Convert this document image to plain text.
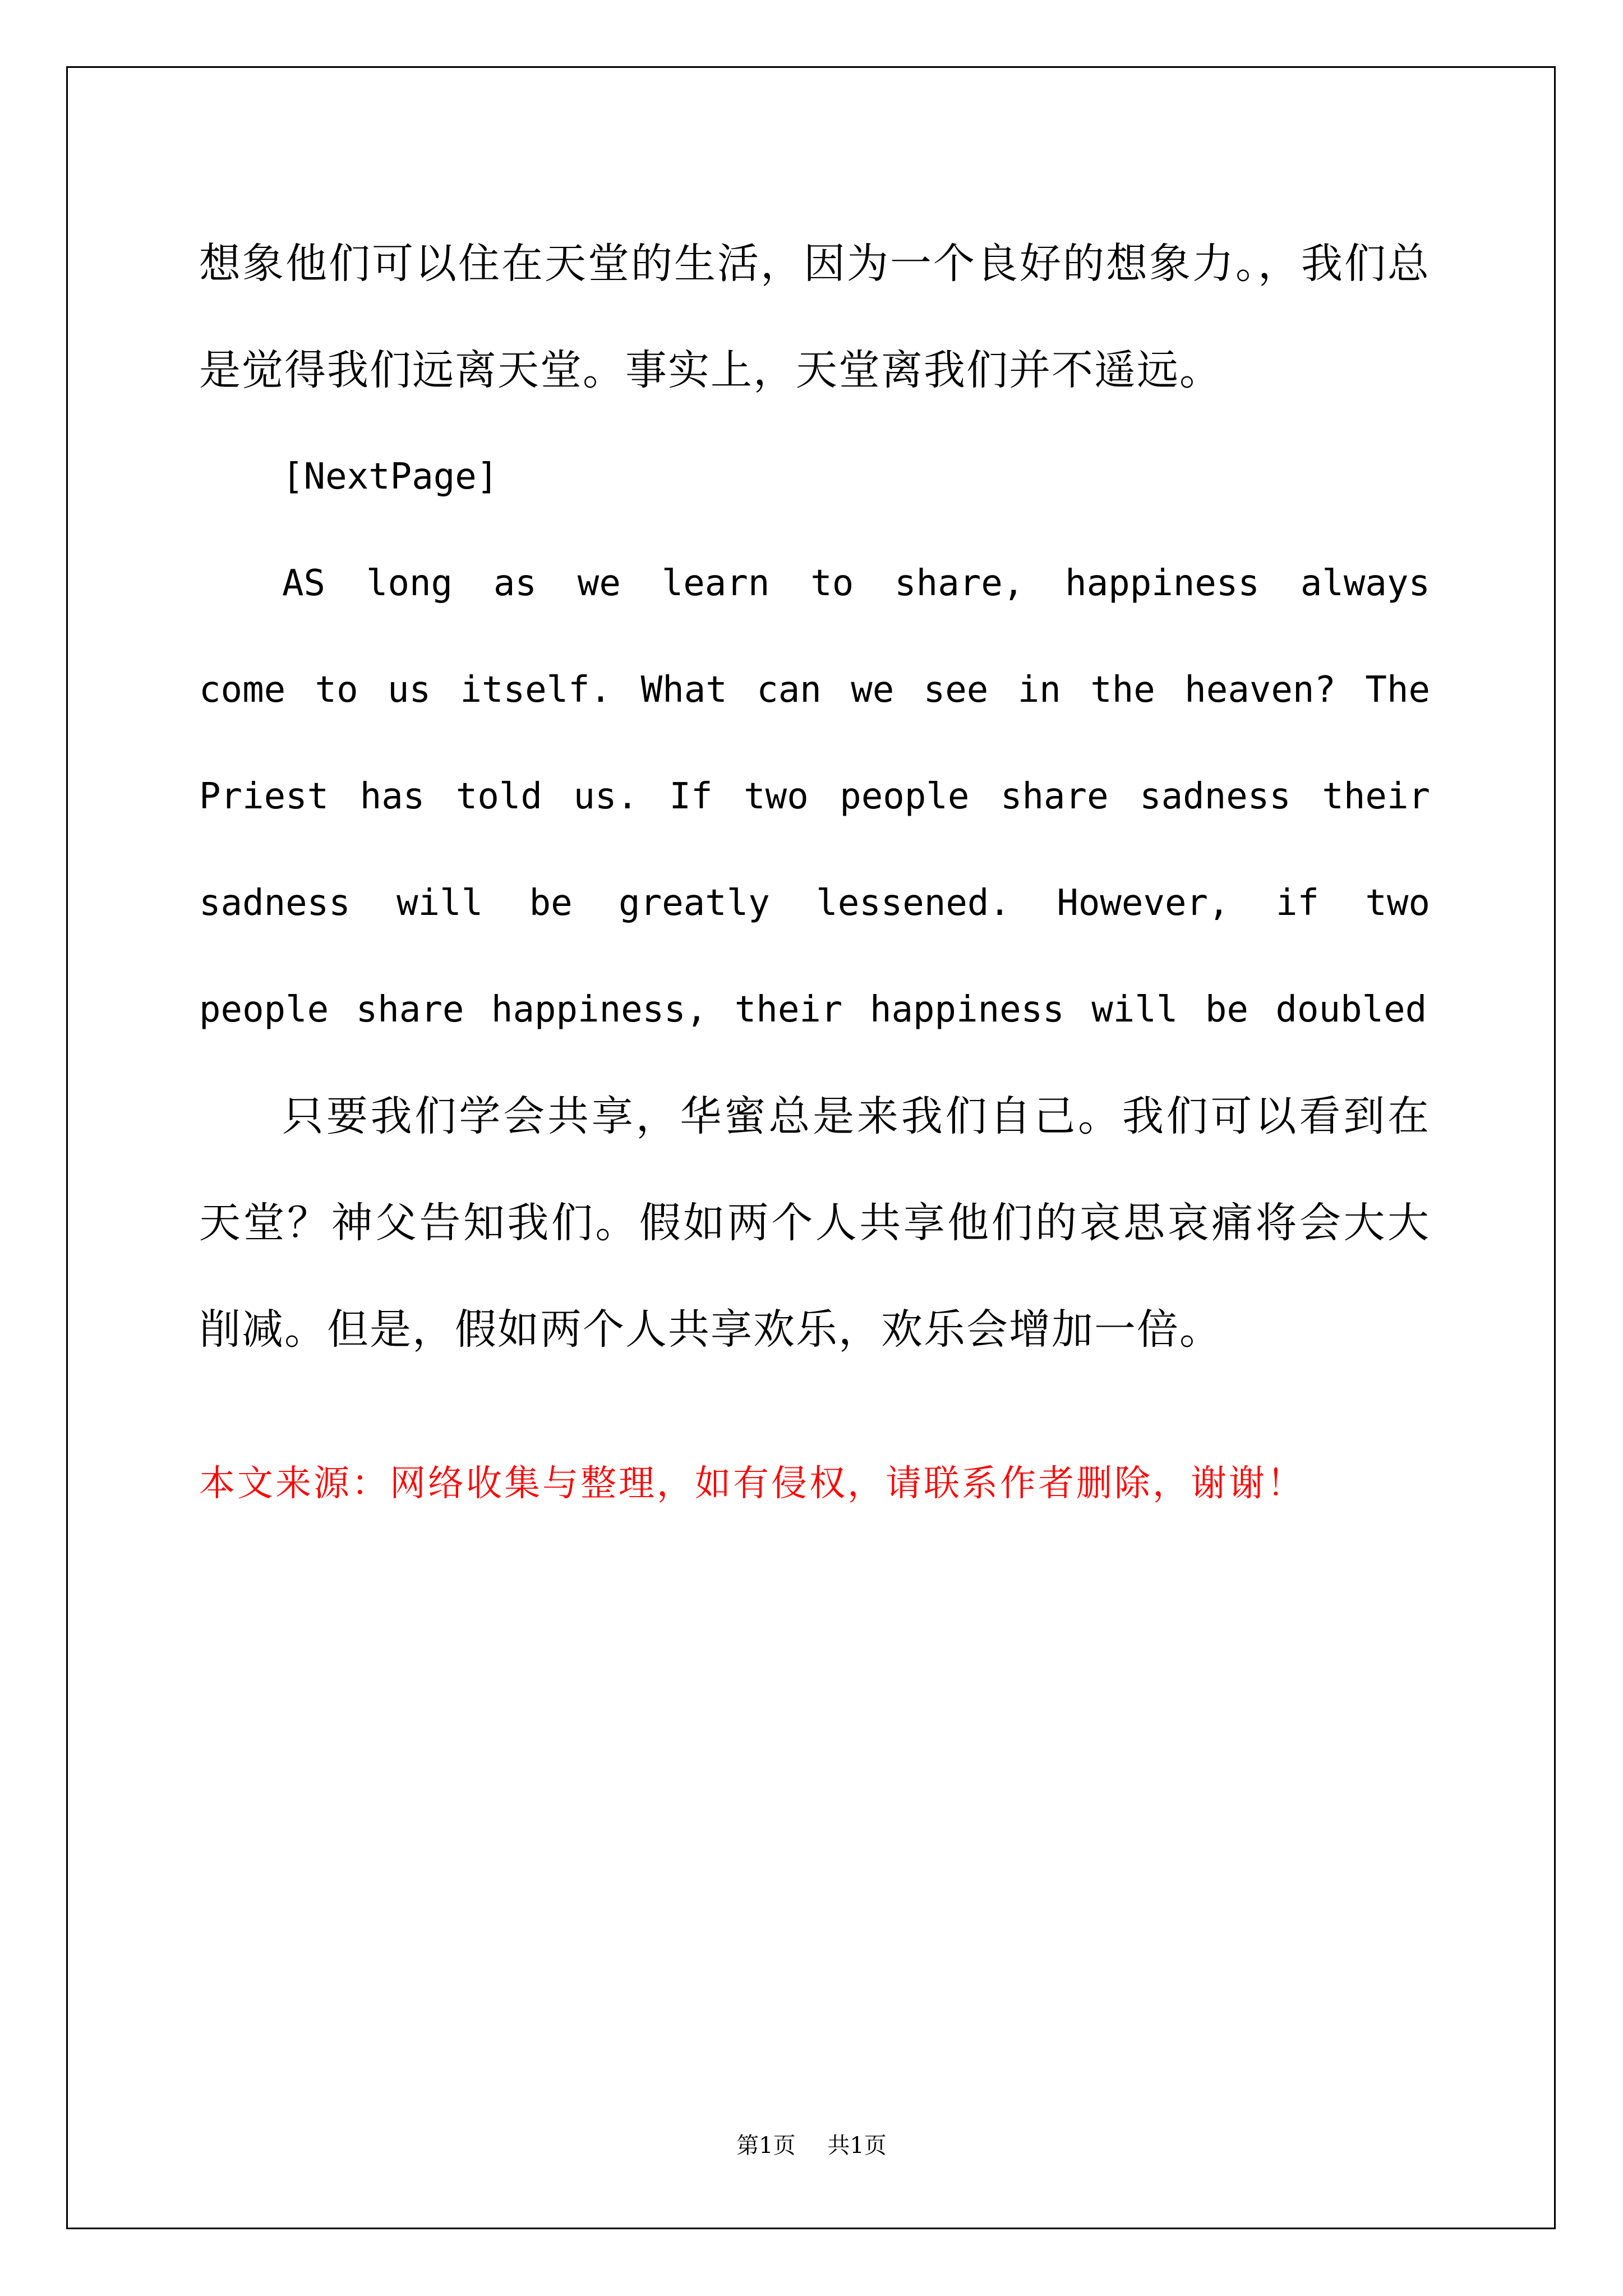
想象他们可以住在天堂的生活，因为一个良好的想象力。，我们总是觉得我们远离天堂。事实上，天堂离我们并不遥远。

[NextPage]

AS long as we learn to share, happiness always come to us itself. What can we see in the heaven? The Priest has told us. If two people share sadness their sadness will be greatly lessened. However, if two people share happiness, their happiness will be doubled

只要我们学会共享，华蜜总是来我们自己。我们可以看到在天堂？神父告知我们。假如两个人共享他们的哀思哀痛将会大大削减。但是，假如两个人共享欢乐，欢乐会增加一倍。

本文来源：网络收集与整理，如有侵权，请联系作者删除，谢谢！

第1页 共1页
